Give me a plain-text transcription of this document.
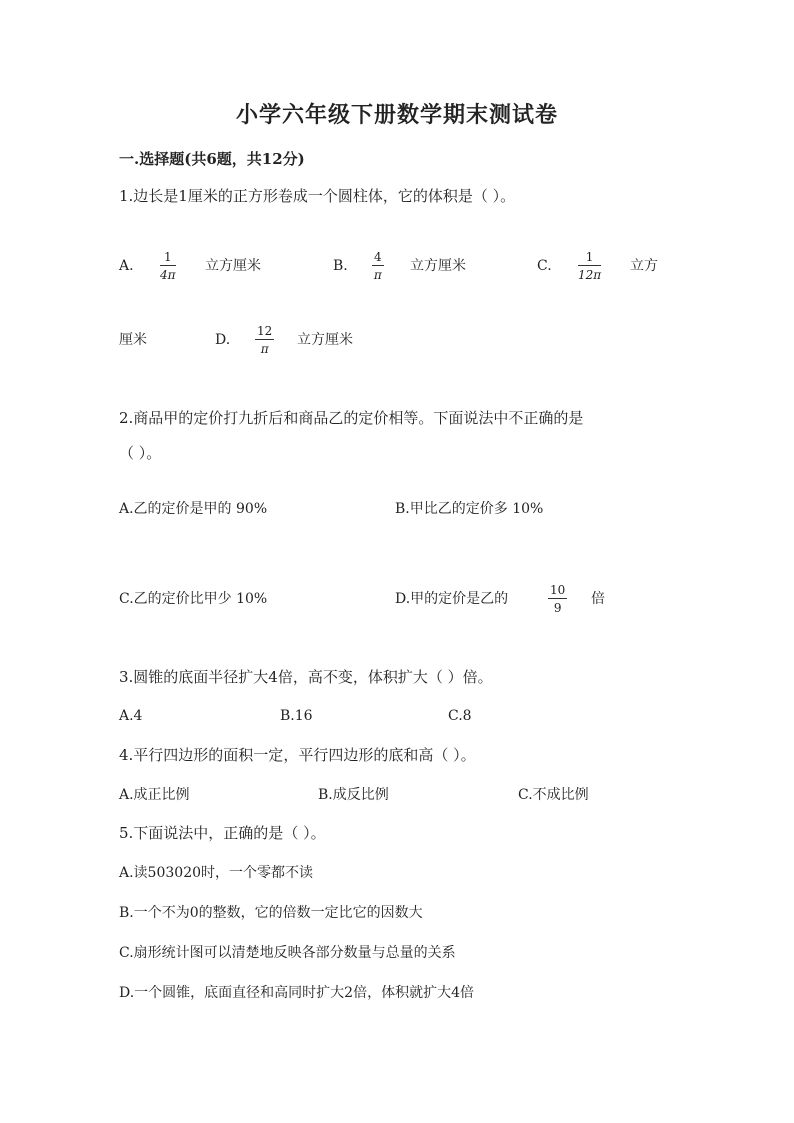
小学六年级下册数学期末测试卷
一.选择题(共6题，共12分)
1.边长是1厘米的正方形卷成一个圆柱体，它的体积是（ ）。
A.
1
4π
立方厘米	B.
4
π
立方厘米	C.
1
12π
立方
厘米	D.
12
π
立方厘米
2.商品甲的定价打九折后和商品乙的定价相等。下面说法中不正确的是
（ ）。
A.乙的定价是甲的 90%	B.甲比乙的定价多 10%
C.乙的定价比甲少 10%	D.甲的定价是乙的
10
9
倍
3.圆锥的底面半径扩大4倍，高不变，体积扩大（ ）倍。
A.4	B.16	C.8
4.平行四边形的面积一定，平行四边形的底和高（ ）。
A.成正比例	B.成反比例	C.不成比例
5.下面说法中，正确的是（ ）。
A.读503020时，一个零都不读
B.一个不为0的整数，它的倍数一定比它的因数大
C.扇形统计图可以清楚地反映各部分数量与总量的关系
D.一个圆锥，底面直径和高同时扩大2倍，体积就扩大4倍
